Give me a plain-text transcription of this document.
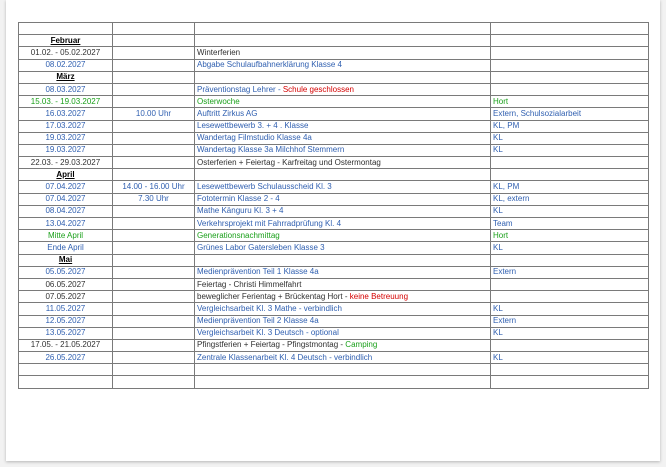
Februar			
01.02. - 05.02.2027		Winterferien	
08.02.2027		Abgabe Schulaufbahnerklärung Klasse 4	
März			
08.03.2027		Präventionstag Lehrer - Schule geschlossen	
15.03. - 19.03.2027		Osterwoche	Hort
16.03.2027	10.00 Uhr	Auftritt Zirkus AG	Extern, Schulsozialarbeit
17.03.2027		Lesewettbewerb 3. + 4 . Klasse	KL, PM
19.03.2027		Wandertag Filmstudio Klasse 4a	KL
19.03.2027		Wandertag Klasse 3a Milchhof Stemmern	KL
22.03. - 29.03.2027		Osterferien + Feiertag - Karfreitag und Ostermontag	
April			
07.04.2027	14.00 - 16.00 Uhr	Lesewettbewerb Schulausscheid Kl. 3	KL, PM
07.04.2027	7.30 Uhr	Fototermin Klasse 2 - 4	KL, extern
08.04.2027		Mathe Känguru Kl. 3 + 4	KL
13.04.2027		Verkehrsprojekt mit Fahrradprüfung Kl. 4	Team
Mitte April		Generationsnachmittag	Hort
Ende April		Grünes Labor Gatersleben Klasse 3	KL
Mai			
05.05.2027		Medienprävention Teil 1 Klasse 4a	Extern
06.05.2027		Feiertag - Christi Himmelfahrt	
07.05.2027		beweglicher Ferientag + Brückentag Hort - keine Betreuung	
11.05.2027		Vergleichsarbeit Kl. 3 Mathe - verbindlich	KL
12.05.2027		Medienprävention Teil 2 Klasse 4a	Extern
13.05.2027		Vergleichsarbeit Kl. 3 Deutsch - optional	KL
17.05. - 21.05.2027		Pfingstferien + Feiertag - Pfingstmontag - Camping	
26.05.2027		Zentrale Klassenarbeit Kl. 4 Deutsch - verbindlich	KL
